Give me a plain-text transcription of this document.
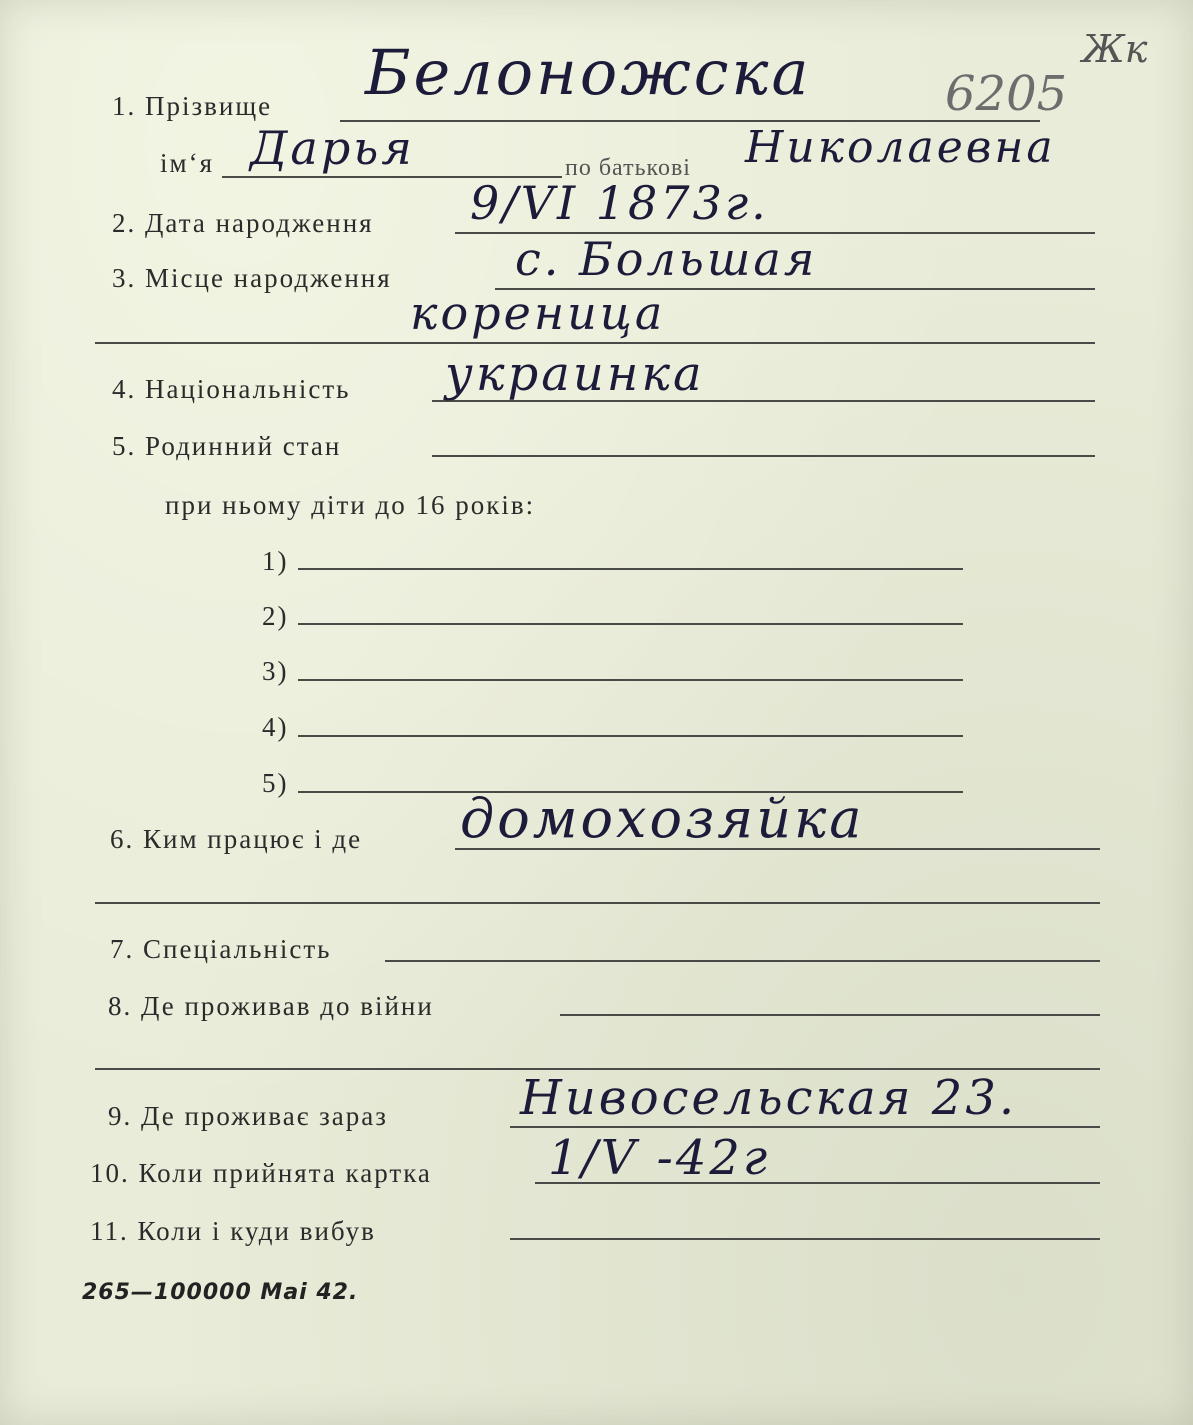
Жк
6205
1. Прізвище Белоножска
ім‘я Дарья	по батькові Николаевна
2. Дата народження 9/VI 1873г.
3. Місце народження	с. Большая
кореница
4. Національність украинка
5. Родинний стан
при ньому діти до 16 років:
1)
2)
3)
4)
5)
6. Ким працює і де домохозяйка
7. Спеціальність
8. Де проживав до війни
9. Де проживає зараз	Нивосельская 23.
10. Коли прийнята картка 1/V -42г
11. Коли і куди вибув
265—100000 Mai 42.
